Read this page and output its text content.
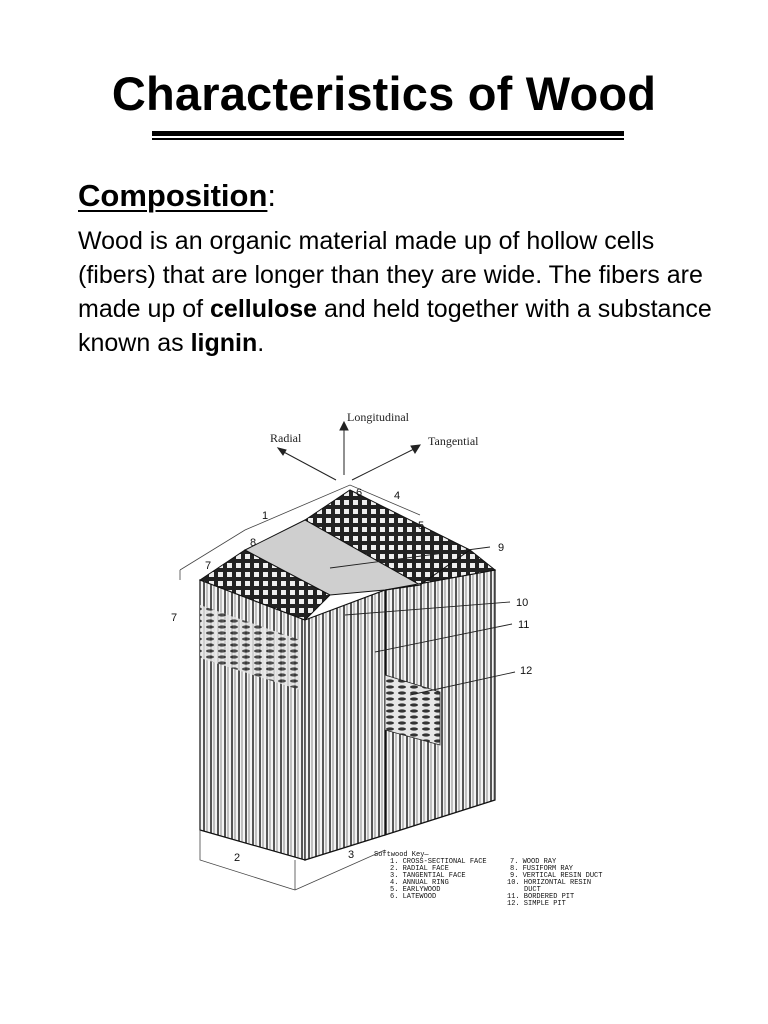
Characteristics of Wood
Composition:

Wood is an organic material made up of hollow cells (fibers) that are longer than they are wide. The fibers are made up of cellulose and held together with a substance known as lignin.

Longitudinal
Radial	Tangential
1
2	3
4
5
6
7
7
8	9
10
11
12
Softwood Key—
1. CROSS-SECTIONAL FACE
2. RADIAL FACE
3. TANGENTIAL FACE
4. ANNUAL RING
5. EARLYWOOD
6. LATEWOOD
7. WOOD RAY
8. FUSIFORM RAY
9. VERTICAL RESIN DUCT
10. HORIZONTAL RESIN
DUCT
11. BORDERED PIT
12. SIMPLE PIT
